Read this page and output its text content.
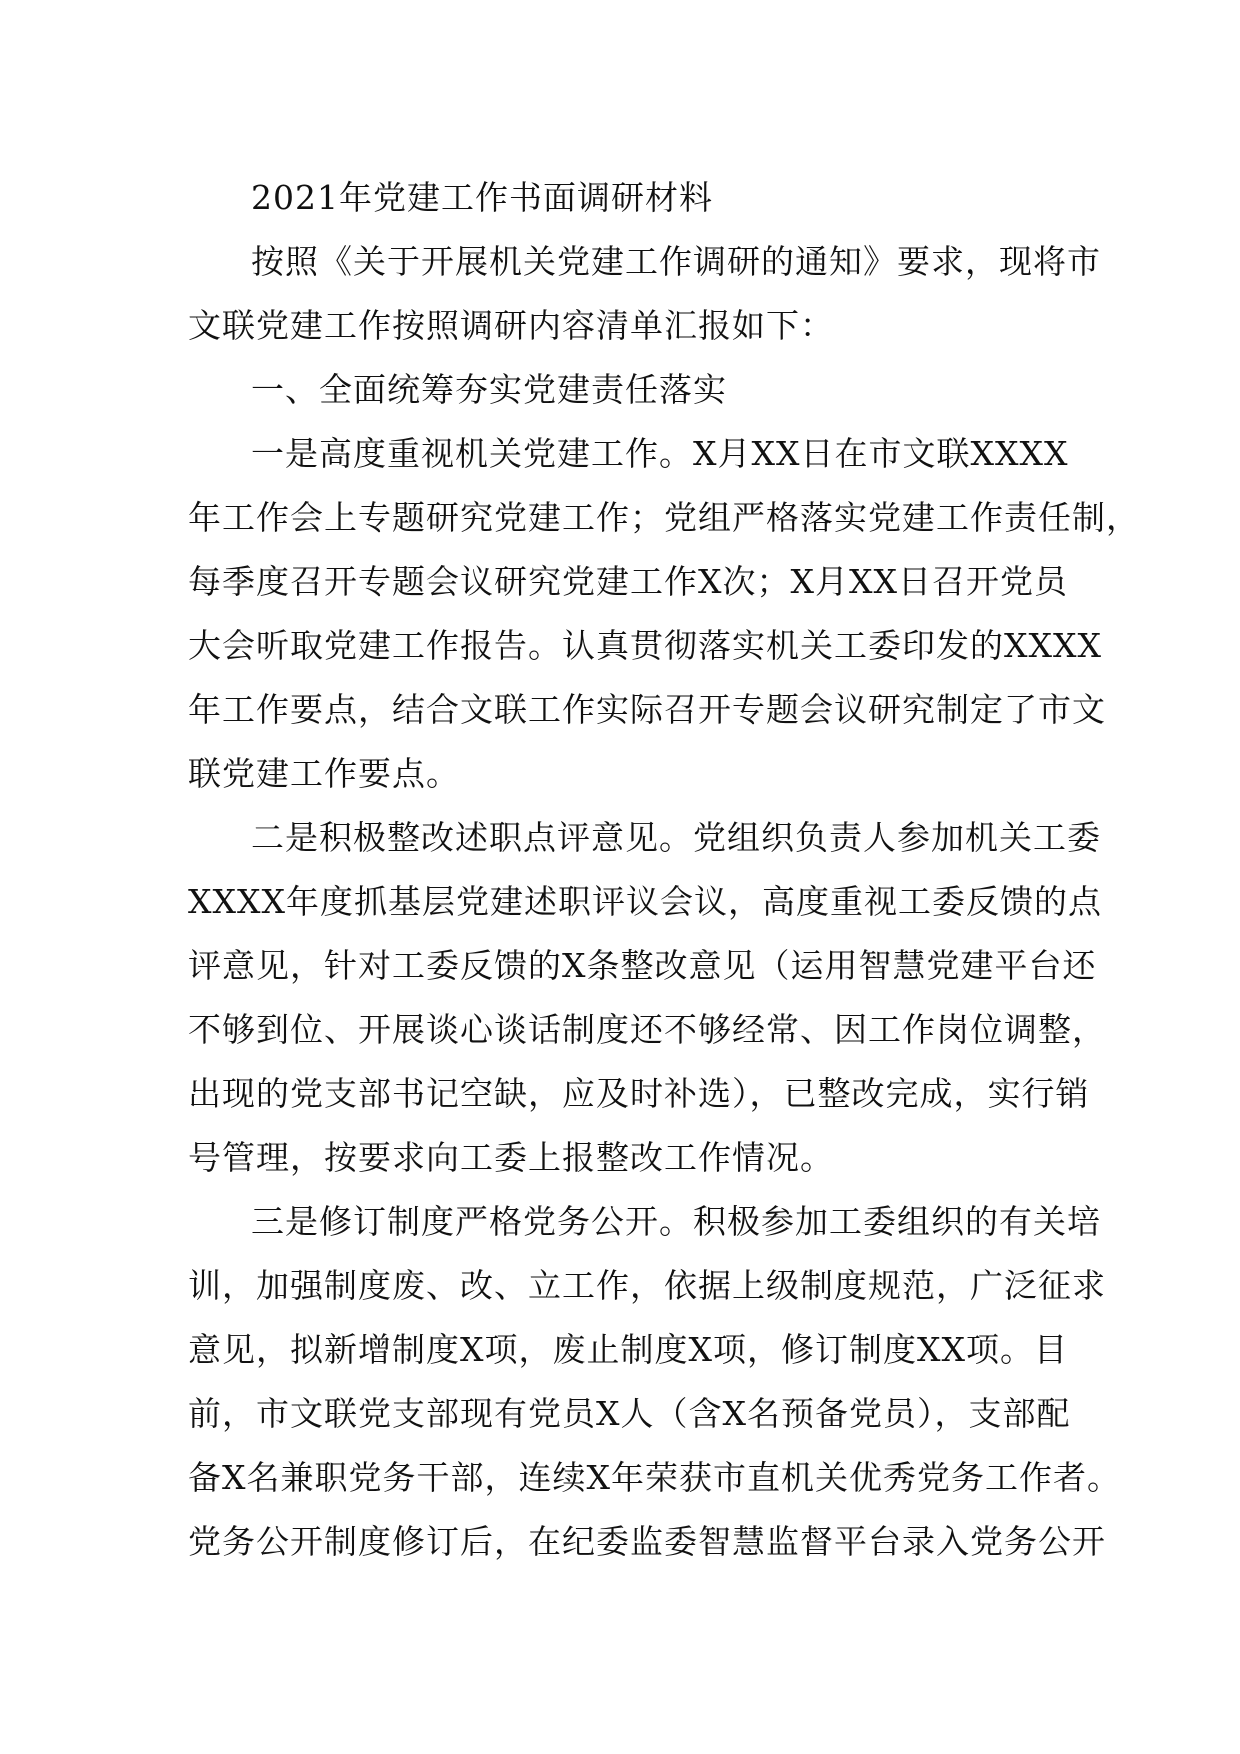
2021年党建工作书面调研材料
按照《关于开展机关党建工作调研的通知》要求，现将市
文联党建工作按照调研内容清单汇报如下：
一、全面统筹夯实党建责任落实
一是高度重视机关党建工作。X月XX日在市文联XXXX
年工作会上专题研究党建工作；党组严格落实党建工作责任制，
每季度召开专题会议研究党建工作X次；X月XX日召开党员
大会听取党建工作报告。认真贯彻落实机关工委印发的XXXX
年工作要点，结合文联工作实际召开专题会议研究制定了市文
联党建工作要点。
二是积极整改述职点评意见。党组织负责人参加机关工委
XXXX年度抓基层党建述职评议会议，高度重视工委反馈的点
评意见，针对工委反馈的X条整改意见（运用智慧党建平台还
不够到位、开展谈心谈话制度还不够经常、因工作岗位调整，
出现的党支部书记空缺，应及时补选），已整改完成，实行销
号管理，按要求向工委上报整改工作情况。
三是修订制度严格党务公开。积极参加工委组织的有关培
训，加强制度废、改、立工作，依据上级制度规范，广泛征求
意见，拟新增制度X项，废止制度X项，修订制度XX项。目
前，市文联党支部现有党员X人（含X名预备党员），支部配
备X名兼职党务干部，连续X年荣获市直机关优秀党务工作者。
党务公开制度修订后，在纪委监委智慧监督平台录入党务公开
